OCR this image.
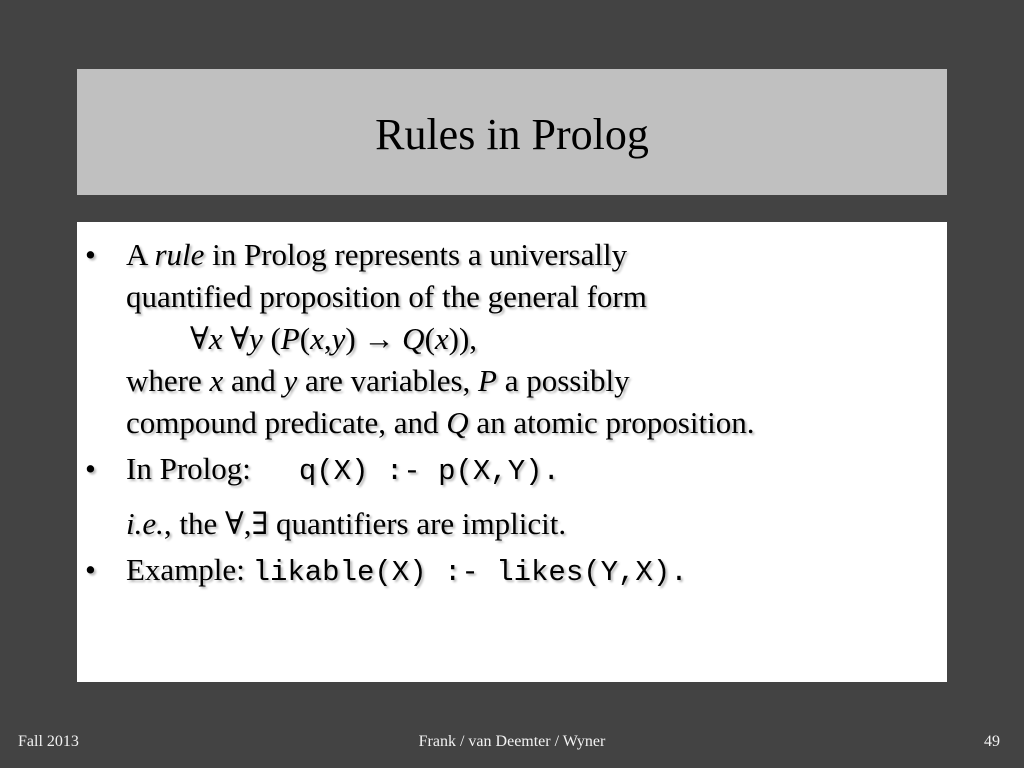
Rules in Prolog
• A rule in Prolog represents a universally
quantified proposition of the general form
∀x ∀y (P(x,y) → Q(x)),
where x and y are variables, P a possibly
compound predicate, and Q an atomic proposition.
• In Prolog: q(X) :- p(X,Y).
i.e., the ∀,∃ quantifiers are implicit.
• Example: likable(X) :- likes(Y,X).
Fall 2013	Frank / van Deemter / Wyner	49
